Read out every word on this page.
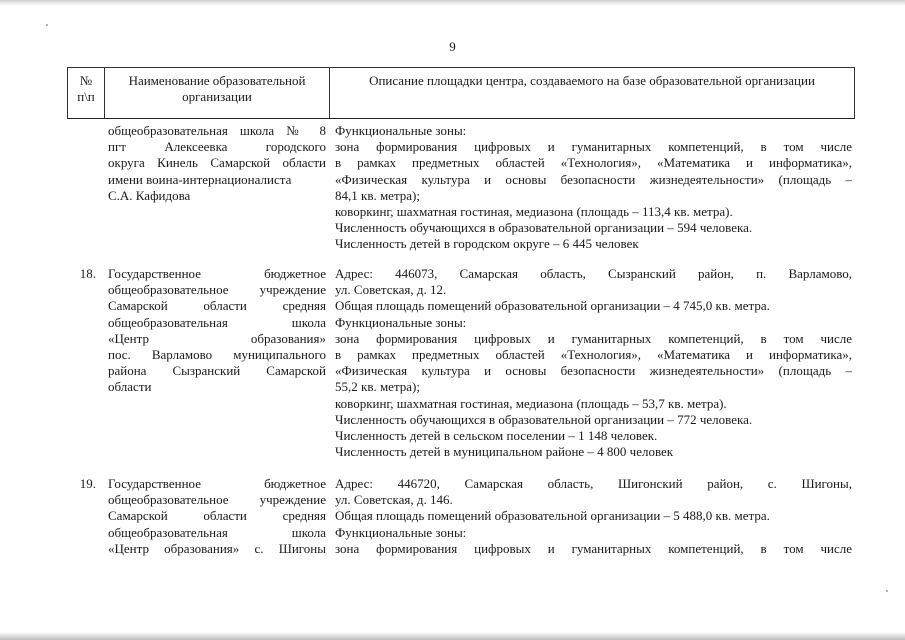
9
№
п\п
Наименование образовательной
организации
Описание площадки центра, создаваемого на базе образовательной организации
общеобразовательная школа № 8
пгт Алексеевка городского
округа Кинель Самарской области
имени воина-интернационалиста
С.А. Кафидова
Функциональные зоны:
зона формирования цифровых и гуманитарных компетенций, в том числе
в рамках предметных областей «Технология», «Математика и информатика»,
«Физическая культура и основы безопасности жизнедеятельности» (площадь –
84,1 кв. метра);
коворкинг, шахматная гостиная, медиазона (площадь – 113,4 кв. метра).
Численность обучающихся в образовательной организации – 594 человека.
Численность детей в городском округе – 6 445 человек
18. Государственное бюджетное
общеобразовательное учреждение
Самарской области средняя
общеобразовательная школа
«Центр образования»
пос. Варламово муниципального
района Сызранский Самарской
области
Адрес: 446073, Самарская область, Сызранский район, п. Варламово,
ул. Советская, д. 12.
Общая площадь помещений образовательной организации – 4 745,0 кв. метра.
Функциональные зоны:
зона формирования цифровых и гуманитарных компетенций, в том числе
в рамках предметных областей «Технология», «Математика и информатика»,
«Физическая культура и основы безопасности жизнедеятельности» (площадь –
55,2 кв. метра);
коворкинг, шахматная гостиная, медиазона (площадь – 53,7 кв. метра).
Численность обучающихся в образовательной организации – 772 человека.
Численность детей в сельском поселении – 1 148 человек.
Численность детей в муниципальном районе – 4 800 человек
19. Государственное бюджетное
общеобразовательное учреждение
Самарской области средняя
общеобразовательная школа
«Центр образования» с. Шигоны
Адрес: 446720, Самарская область, Шигонский район, с. Шигоны,
ул. Советская, д. 146.
Общая площадь помещений образовательной организации – 5 488,0 кв. метра.
Функциональные зоны:
зона формирования цифровых и гуманитарных компетенций, в том числе
